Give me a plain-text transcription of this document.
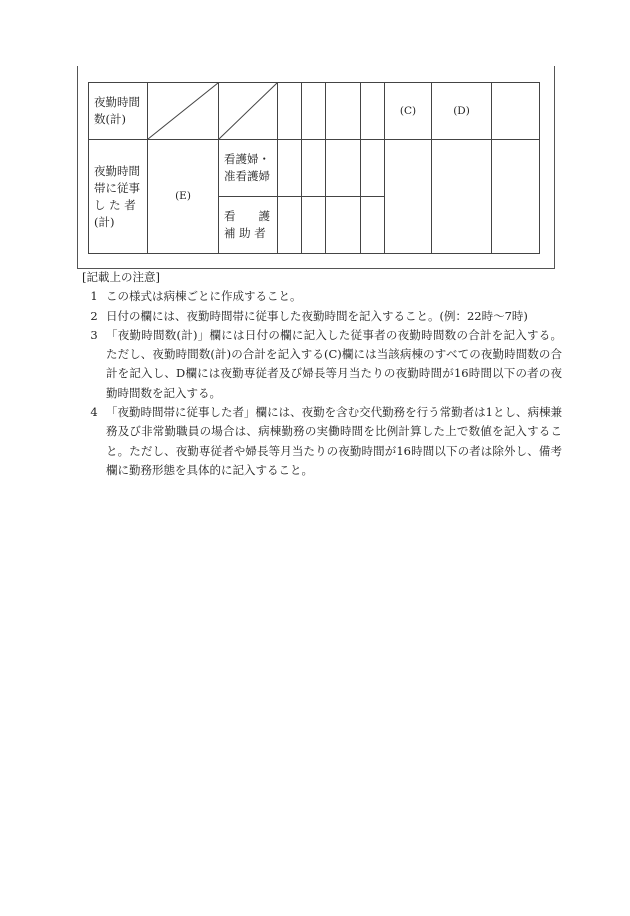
夜勤時間
数(計)							(C)	(D)	

夜勤時間
帯に従事
し た 者
(計)	(E)	看護婦・
准看護婦							

		看　　護
補 助 者							

[記載上の注意]
1 この様式は病棟ごとに作成すること。
2 日付の欄には、夜勤時間帯に従事した夜勤時間を記入すること。(例：22時～7時)
3 「夜勤時間数(計)」欄には日付の欄に記入した従事者の夜勤時間数の合計を記入する。ただし、夜勤時間数(計)の合計を記入する(C)欄には当該病棟のすべての夜勤時間数の合計を記入し、D欄には夜勤専従者及び婦長等月当たりの夜勤時間が16時間以下の者の夜勤時間数を記入する。
4 「夜勤時間帯に従事した者」欄には、夜勤を含む交代勤務を行う常勤者は1とし、病棟兼務及び非常勤職員の場合は、病棟勤務の実働時間を比例計算した上で数値を記入すること。ただし、夜勤専従者や婦長等月当たりの夜勤時間が16時間以下の者は除外し、備考欄に勤務形態を具体的に記入すること。
